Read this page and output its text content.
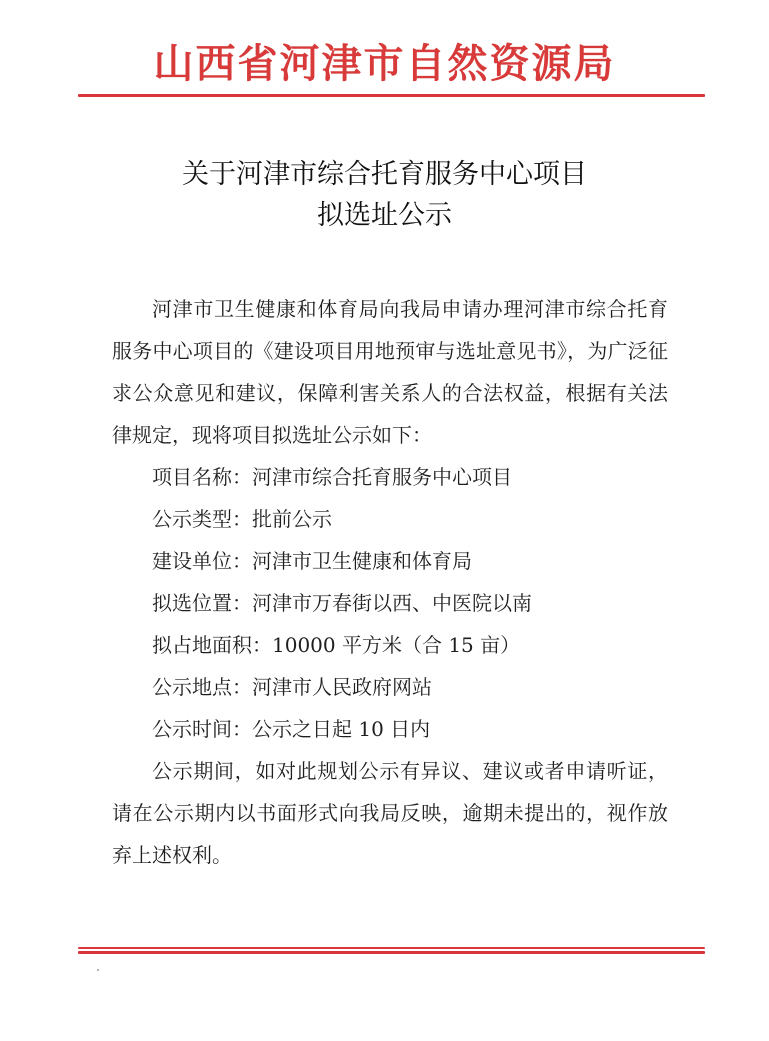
山西省河津市自然资源局
关于河津市综合托育服务中心项目
拟选址公示

河津市卫生健康和体育局向我局申请办理河津市综合托育服务中心项目的《建设项目用地预审与选址意见书》，为广泛征求公众意见和建议，保障利害关系人的合法权益，根据有关法律规定，现将项目拟选址公示如下：

项目名称：河津市综合托育服务中心项目

公示类型：批前公示

建设单位：河津市卫生健康和体育局

拟选位置：河津市万春街以西、中医院以南

拟占地面积：10000 平方米（合 15 亩）

公示地点：河津市人民政府网站

公示时间：公示之日起 10 日内

公示期间，如对此规划公示有异议、建议或者申请听证，请在公示期内以书面形式向我局反映，逾期未提出的，视作放弃上述权利。
